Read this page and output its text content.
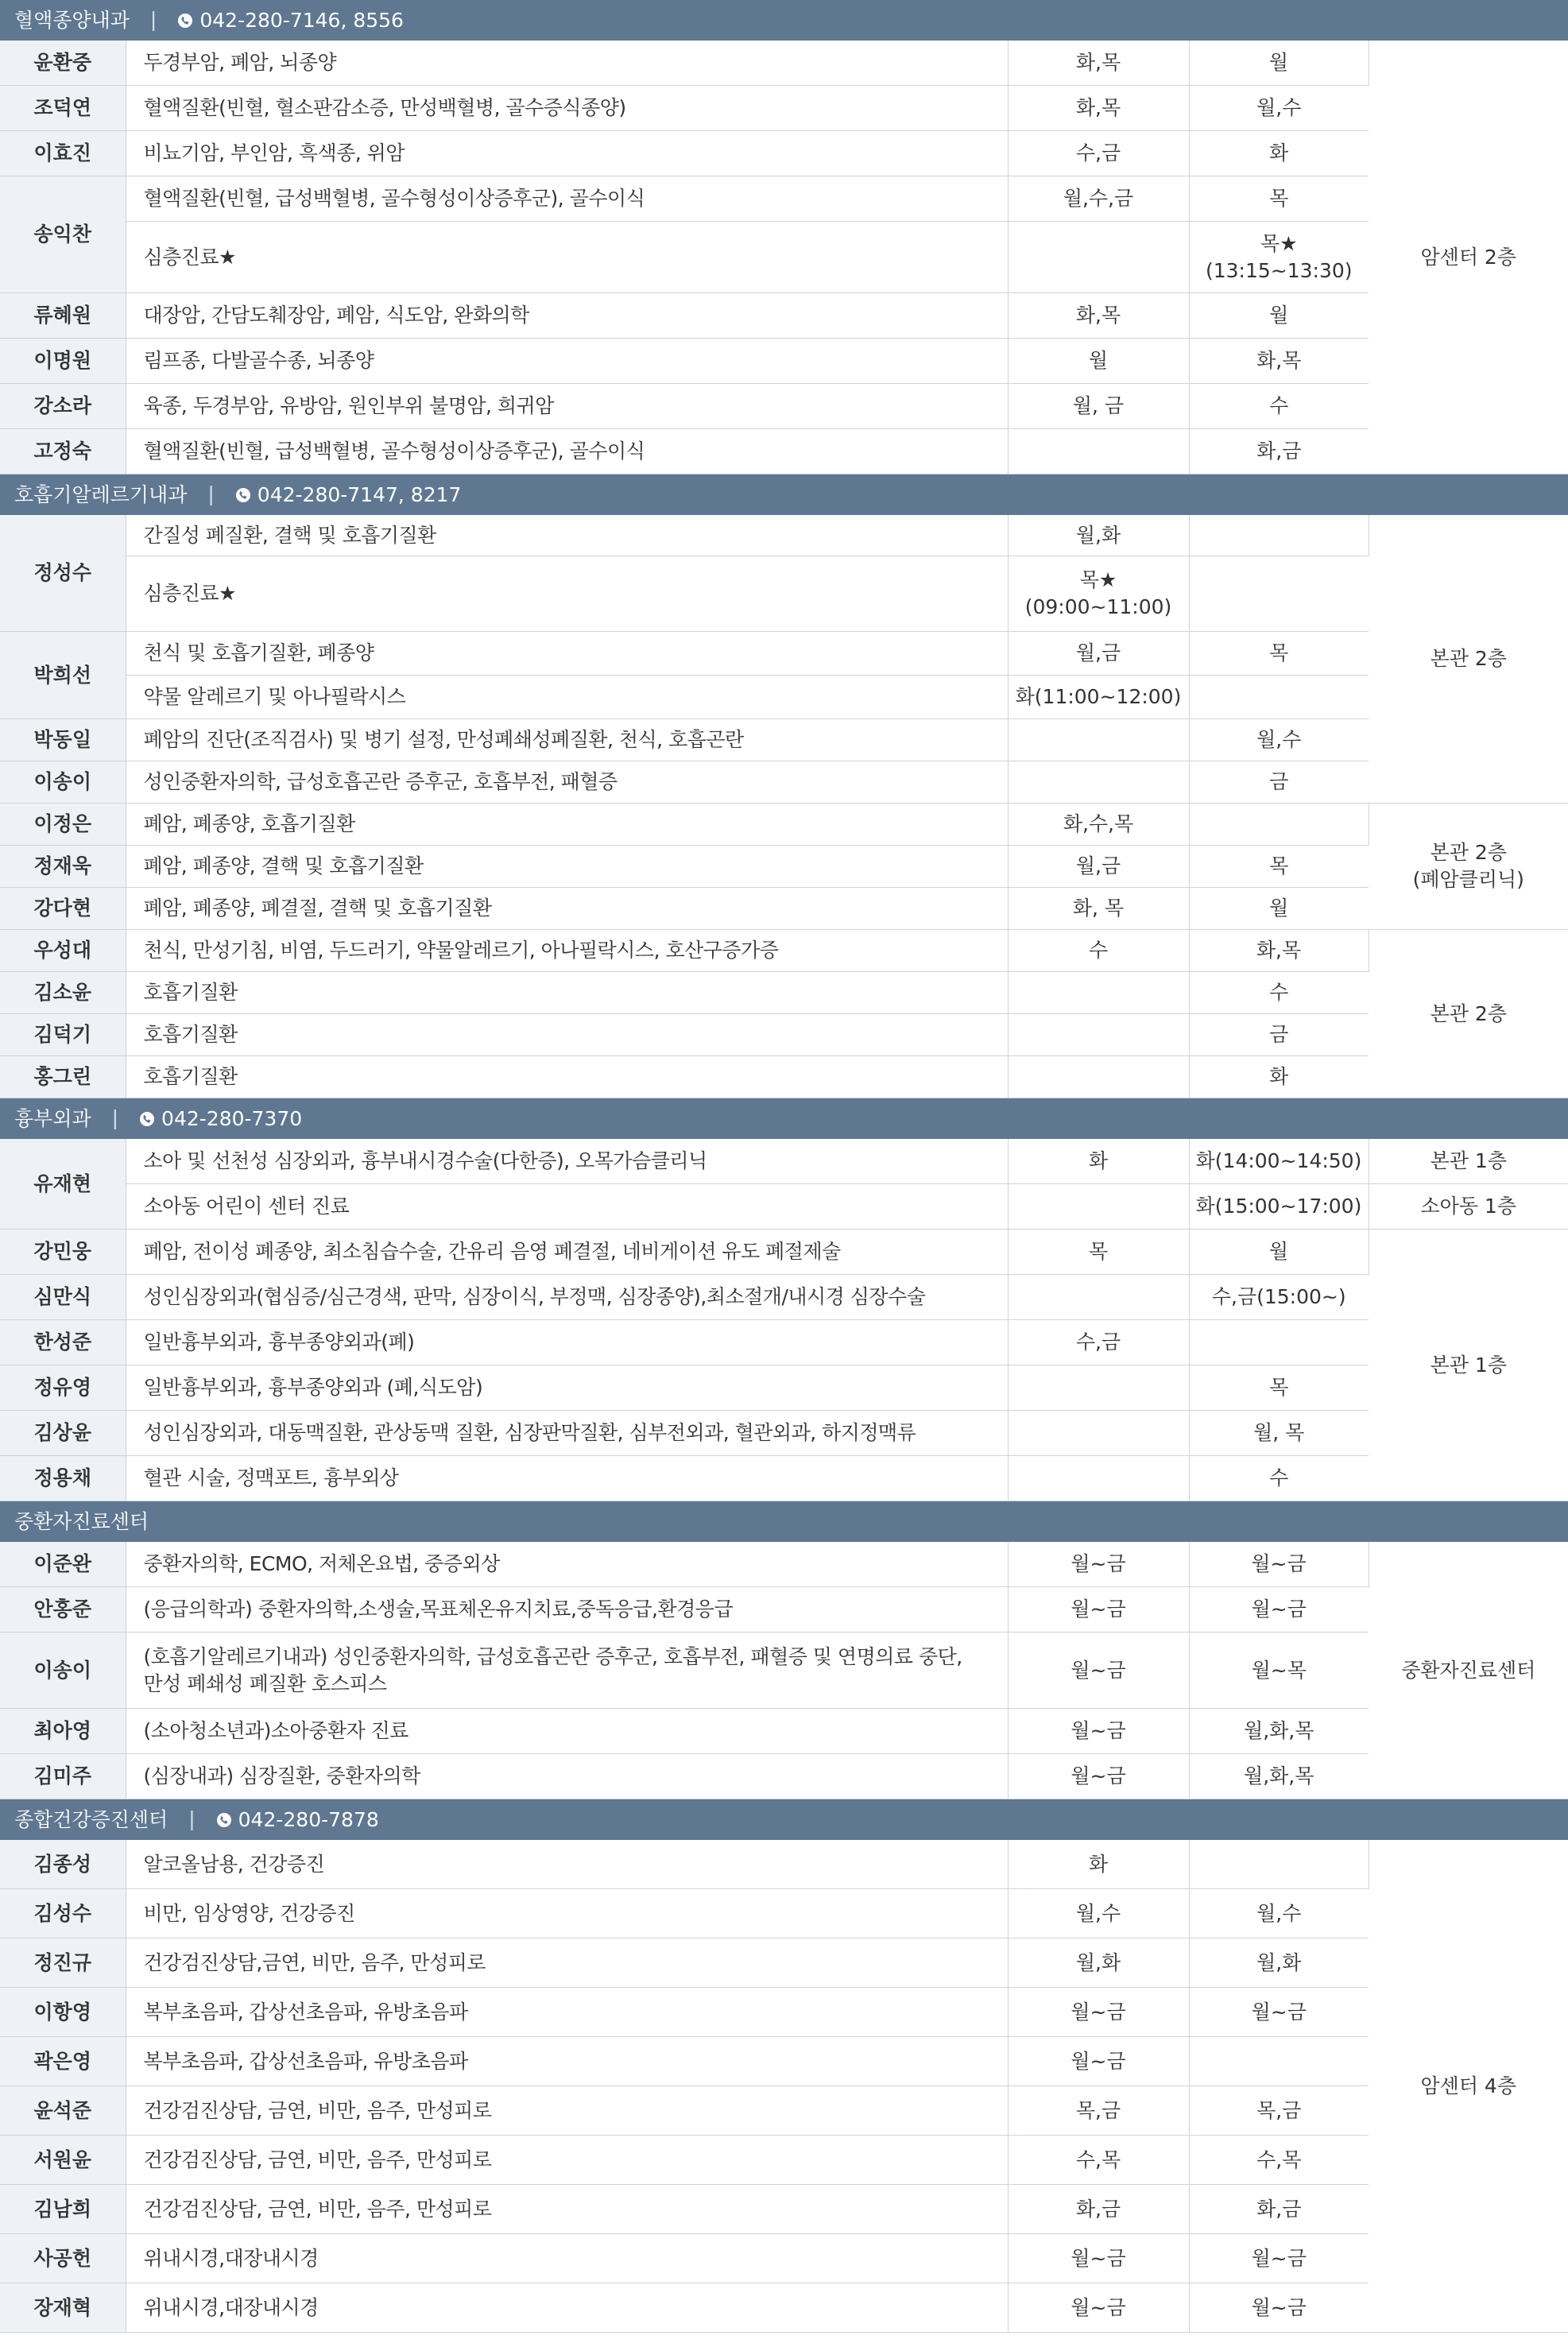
혈액종양내과 | 042-280-7146, 8556				
윤환중	두경부암, 폐암, 뇌종양	화,목	월	암센터 2층
조덕연	혈액질환(빈혈, 혈소판감소증, 만성백혈병, 골수증식종양)	화,목	월,수	
이효진	비뇨기암, 부인암, 흑색종, 위암	수,금	화	
송익찬	혈액질환(빈혈, 급성백혈병, 골수형성이상증후군), 골수이식	월,수,금	목	
	심층진료★		목★
(13:15~13:30)	

류혜원	대장암, 간담도췌장암, 폐암, 식도암, 완화의학	화,목	월	
이명원	림프종, 다발골수종, 뇌종양	월	화,목	
강소라	육종, 두경부암, 유방암, 원인부위 불명암, 희귀암	월, 금	수	
고정숙	혈액질환(빈혈, 급성백혈병, 골수형성이상증후군), 골수이식		화,금	
호흡기알레르기내과 | 042-280-7147, 8217				
정성수	간질성 폐질환, 결핵 및 호흡기질환	월,화		본관 2층
	심층진료★	목★
(09:00~11:00)		

박희선	천식 및 호흡기질환, 폐종양	월,금	목	
	약물 알레르기 및 아나필락시스	화(11:00~12:00)		
박동일	폐암의 진단(조직검사) 및 병기 설정, 만성폐쇄성폐질환, 천식, 호흡곤란		월,수	
이송이	성인중환자의학, 급성호흡곤란 증후군, 호흡부전, 패혈증		금	
이정은	폐암, 폐종양, 호흡기질환	화,수,목		본관 2층
(폐암클리닉)

정재욱	폐암, 폐종양, 결핵 및 호흡기질환	월,금	목	
강다현	폐암, 폐종양, 폐결절, 결핵 및 호흡기질환	화, 목	월	
우성대	천식, 만성기침, 비염, 두드러기, 약물알레르기, 아나필락시스, 호산구증가증	수	화,목	본관 2층
김소윤	호흡기질환		수	
김덕기	호흡기질환		금	
홍그린	호흡기질환		화	
흉부외과 | 042-280-7370				
유재현	소아 및 선천성 심장외과, 흉부내시경수술(다한증), 오목가슴클리닉	화	화(14:00~14:50)	본관 1층
	소아동 어린이 센터 진료		화(15:00~17:00)	소아동 1층
강민웅	폐암, 전이성 폐종양, 최소침습수술, 간유리 음영 폐결절, 네비게이션 유도 폐절제술	목	월	본관 1층
심만식	성인심장외과(협심증/심근경색, 판막, 심장이식, 부정맥, 심장종양),최소절개/내시경 심장수술		수,금(15:00~)	
한성준	일반흉부외과, 흉부종양외과(폐)	수,금		
정유영	일반흉부외과, 흉부종양외과 (폐,식도암)		목	
김상윤	성인심장외과, 대동맥질환, 관상동맥 질환, 심장판막질환, 심부전외과, 혈관외과, 하지정맥류		월, 목	
정용채	혈관 시술, 정맥포트, 흉부외상		수	
중환자진료센터				
이준완	중환자의학, ECMO, 저체온요법, 중증외상	월~금	월~금	중환자진료센터
안홍준	(응급의학과) 중환자의학,소생술,목표체온유지치료,중독응급,환경응급	월~금	월~금	
이송이	(호흡기알레르기내과) 성인중환자의학, 급성호흡곤란 증후군, 호흡부전, 패혈증 및 연명의료 중단,
만성 폐쇄성 폐질환 호스피스	월~금	월~목	
최아영	(소아청소년과)소아중환자 진료	월~금	월,화,목	
김미주	(심장내과) 심장질환, 중환자의학	월~금	월,화,목	
종합건강증진센터 | 042-280-7878				
김종성	알코올남용, 건강증진	화		암센터 4층
김성수	비만, 임상영양, 건강증진	월,수	월,수	
정진규	건강검진상담,금연, 비만, 음주, 만성피로	월,화	월,화	
이항영	복부초음파, 갑상선초음파, 유방초음파	월~금	월~금	
곽은영	복부초음파, 갑상선초음파, 유방초음파	월~금		
윤석준	건강검진상담, 금연, 비만, 음주, 만성피로	목,금	목,금	
서원윤	건강검진상담, 금연, 비만, 음주, 만성피로	수,목	수,목	
김남희	건강검진상담, 금연, 비만, 음주, 만성피로	화,금	화,금	
사공헌	위내시경,대장내시경	월~금	월~금	
장재혁	위내시경,대장내시경	월~금	월~금	
